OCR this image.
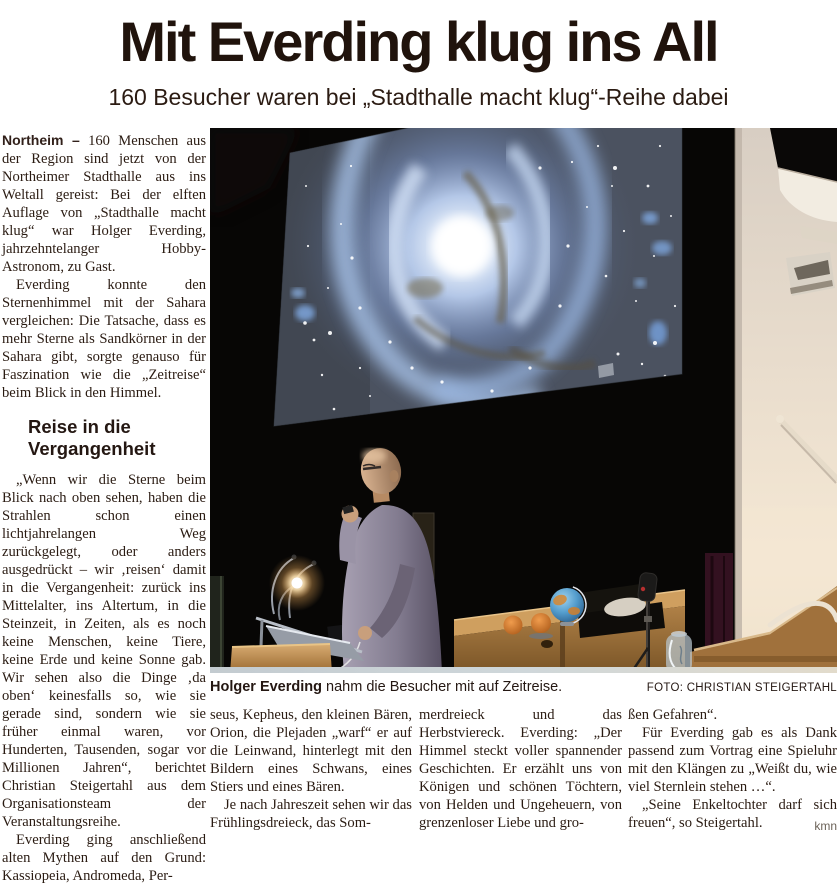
Mit Everding klug ins All
160 Besucher waren bei „Stadthalle macht klug“-Reihe dabei

Northeim – 160 Menschen aus der Region sind jetzt von der Northeimer Stadthalle aus ins Weltall gereist: Bei der elften Auflage von „Stadthalle macht klug“ war Holger Everding, jahrzehntelanger Hobby-Astronom, zu Gast.

Everding konnte den Sternenhimmel mit der Sahara vergleichen: Die Tatsache, dass es mehr Sterne als Sandkörner in der Sahara gibt, sorgte genauso für Faszination wie die „Zeitreise“ beim Blick in den Himmel.

Reise in die Vergangenheit

„Wenn wir die Sterne beim Blick nach oben sehen, haben die Strahlen schon einen lichtjahrelangen Weg zurückgelegt, oder anders ausgedrückt – wir ‚reisen‘ damit in die Vergangenheit: zurück ins Mittelalter, ins Altertum, in die Steinzeit, in Zeiten, als es noch keine Menschen, keine Tiere, keine Erde und keine Sonne gab. Wir sehen also die Dinge ‚da oben‘ keinesfalls so, wie sie gerade sind, sondern wie sie früher einmal waren, vor Hunderten, Tausenden, sogar vor Millionen Jahren“, berichtet Christian Steigertahl aus dem Organisationsteam der Veranstaltungsreihe.

Everding ging anschließend alten Mythen auf den Grund: Kassiopeia, Andromeda, Per-

Holger Everding nahm die Besucher mit auf Zeitreise.	FOTO: CHRISTIAN STEIGERTAHL

seus, Kepheus, den kleinen Bären, Orion, die Plejaden „warf“ er auf die Leinwand, hinterlegt mit den Bildern eines Schwans, eines Stiers und eines Bären.

Je nach Jahreszeit sehen wir das Frühlingsdreieck, das Som-

merdreieck und das Herbstviereck. Everding: „Der Himmel steckt voller spannender Geschichten. Er erzählt uns von Königen und schönen Töchtern, von Helden und Ungeheuern, von grenzenloser Liebe und gro-

ßen Gefahren“.

Für Everding gab es als Dank passend zum Vortrag eine Spieluhr mit den Klängen zu „Weißt du, wie viel Sternlein stehen …“.

„Seine Enkeltochter darf sich freuen“, so Steigertahl.	kmn
